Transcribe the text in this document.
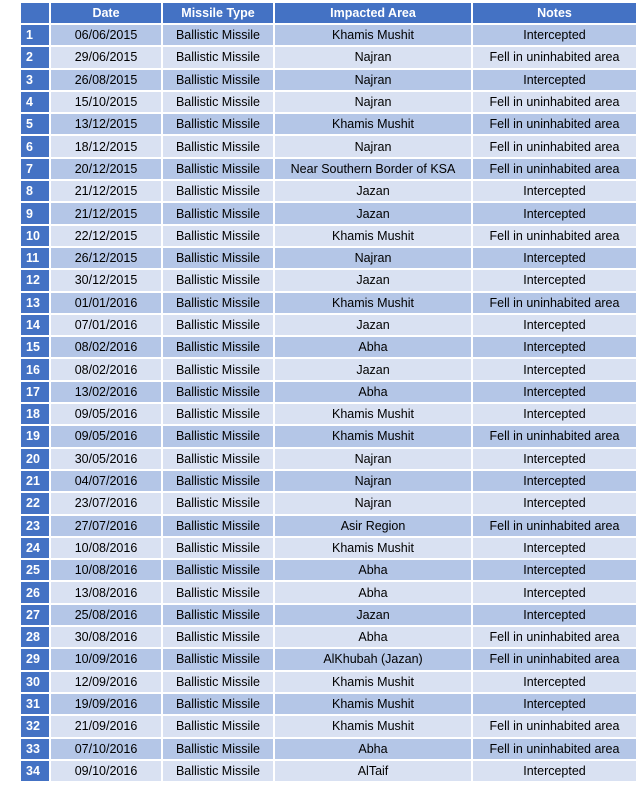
	Date	Missile Type	Impacted Area	Notes
1	06/06/2015	Ballistic Missile	Khamis Mushit	Intercepted
2	29/06/2015	Ballistic Missile	Najran	Fell in uninhabited area
3	26/08/2015	Ballistic Missile	Najran	Intercepted
4	15/10/2015	Ballistic Missile	Najran	Fell in uninhabited area
5	13/12/2015	Ballistic Missile	Khamis Mushit	Fell in uninhabited area
6	18/12/2015	Ballistic Missile	Najran	Fell in uninhabited area
7	20/12/2015	Ballistic Missile	Near Southern Border of KSA	Fell in uninhabited area
8	21/12/2015	Ballistic Missile	Jazan	Intercepted
9	21/12/2015	Ballistic Missile	Jazan	Intercepted
10	22/12/2015	Ballistic Missile	Khamis Mushit	Fell in uninhabited area
11	26/12/2015	Ballistic Missile	Najran	Intercepted
12	30/12/2015	Ballistic Missile	Jazan	Intercepted
13	01/01/2016	Ballistic Missile	Khamis Mushit	Fell in uninhabited area
14	07/01/2016	Ballistic Missile	Jazan	Intercepted
15	08/02/2016	Ballistic Missile	Abha	Intercepted
16	08/02/2016	Ballistic Missile	Jazan	Intercepted
17	13/02/2016	Ballistic Missile	Abha	Intercepted
18	09/05/2016	Ballistic Missile	Khamis Mushit	Intercepted
19	09/05/2016	Ballistic Missile	Khamis Mushit	Fell in uninhabited area
20	30/05/2016	Ballistic Missile	Najran	Intercepted
21	04/07/2016	Ballistic Missile	Najran	Intercepted
22	23/07/2016	Ballistic Missile	Najran	Intercepted
23	27/07/2016	Ballistic Missile	Asir Region	Fell in uninhabited area
24	10/08/2016	Ballistic Missile	Khamis Mushit	Intercepted
25	10/08/2016	Ballistic Missile	Abha	Intercepted
26	13/08/2016	Ballistic Missile	Abha	Intercepted
27	25/08/2016	Ballistic Missile	Jazan	Intercepted
28	30/08/2016	Ballistic Missile	Abha	Fell in uninhabited area
29	10/09/2016	Ballistic Missile	AlKhubah (Jazan)	Fell in uninhabited area
30	12/09/2016	Ballistic Missile	Khamis Mushit	Intercepted
31	19/09/2016	Ballistic Missile	Khamis Mushit	Intercepted
32	21/09/2016	Ballistic Missile	Khamis Mushit	Fell in uninhabited area
33	07/10/2016	Ballistic Missile	Abha	Fell in uninhabited area
34	09/10/2016	Ballistic Missile	AlTaif	Intercepted
